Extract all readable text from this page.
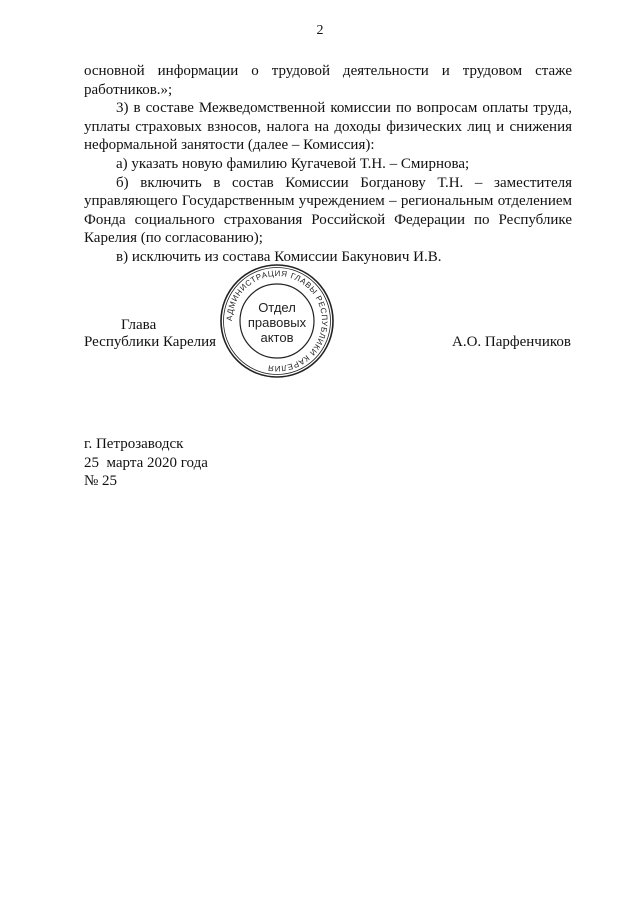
2

основной информации о трудовой деятельности и трудовом стаже работников.»;

3) в составе Межведомственной комиссии по вопросам оплаты труда, уплаты страховых взносов, налога на доходы физических лиц и снижения неформальной занятости (далее – Комиссия):

а) указать новую фамилию Кугачевой Т.Н. – Смирнова;

б) включить в состав Комиссии Богданову Т.Н. – заместителя управляющего Государственным учреждением – региональным отделением Фонда социального страхования Российской Федерации по Республике Карелия (по согласованию);

в) исключить из состава Комиссии Бакунович И.В.

Глава
Республики Карелия	А.О. Парфенчиков
АДМИНИСТРАЦИЯ ГЛАВЫ РЕСПУБЛИКИ КАРЕЛИЯ
Отдел
правовых
актов
г. Петрозаводск
25  марта 2020 года
№ 25
